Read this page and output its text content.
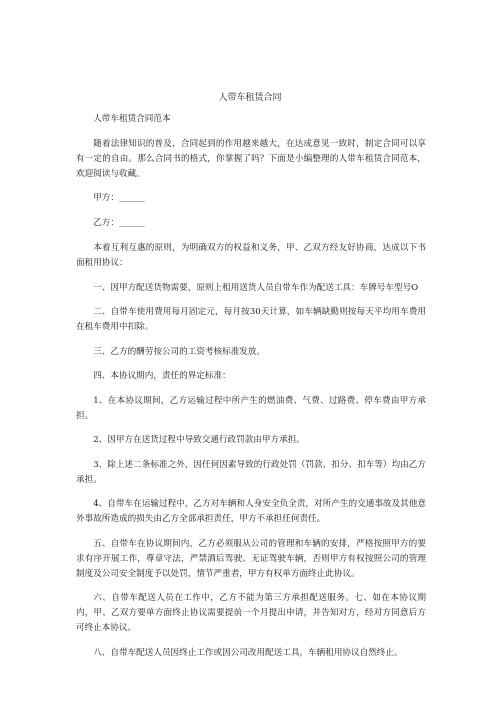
人带车租赁合同

人带车租赁合同范本

随着法律知识的普及，合同起到的作用越来越大，在达成意见一致时，制定合同可以享有一定的自由。那么合同书的格式，你掌握了吗？下面是小编整理的人带车租赁合同范本，欢迎阅读与收藏。

甲方：______

乙方：______

本着互利互惠的原则，为明确双方的权益和义务，甲、乙双方经友好协商，达成以下书面租用协议：

一、因甲方配送货物需要，原则上租用送货人员自带车作为配送工具：车牌号车型号O

二、自带车使用费用每月固定元，每月按30天计算，如车辆缺勤则按每天平均用车费用在租车费用中扣除。

三、乙方的酬劳按公司的工资考核标准发放。

四、本协议期内，责任的界定标准：

1、在本协议期间，乙方运输过程中所产生的燃油费、气费、过路费、停车费由甲方承担。

2、因甲方在送货过程中导致交通行政罚款由甲方承担。

3、除上述二条标准之外，因任何因素导致的行政处罚（罚款、扣分、扣车等）均由乙方承担。

4、自带车在运输过程中，乙方对车辆和人身安全负全责，对所产生的交通事故及其他意外事故所造成的损失由乙方全部承担责任，甲方不承担任何责任。

五、自带车在协议期间内，乙方必须服从公司的管理和车辆的安排，严格按照甲方的要求有序开展工作，尊章守法，严禁酒后驾驶、无证驾驶车辆，否则甲方有权按照公司的管理制度及公司安全制度予以处罚，情节严重者，甲方有权单方面终止此协议。

六、自带车配送人员在工作中，乙方不能为第三方承担配送服务。七、如在本协议期内，甲、乙双方要单方面终止协议需要提前一个月提出申请，并告知对方，经对方同意后方可终止本协议。

八、自带车配送人员因终止工作或因公司改用配送工具，车辆租用协议自然终止。
